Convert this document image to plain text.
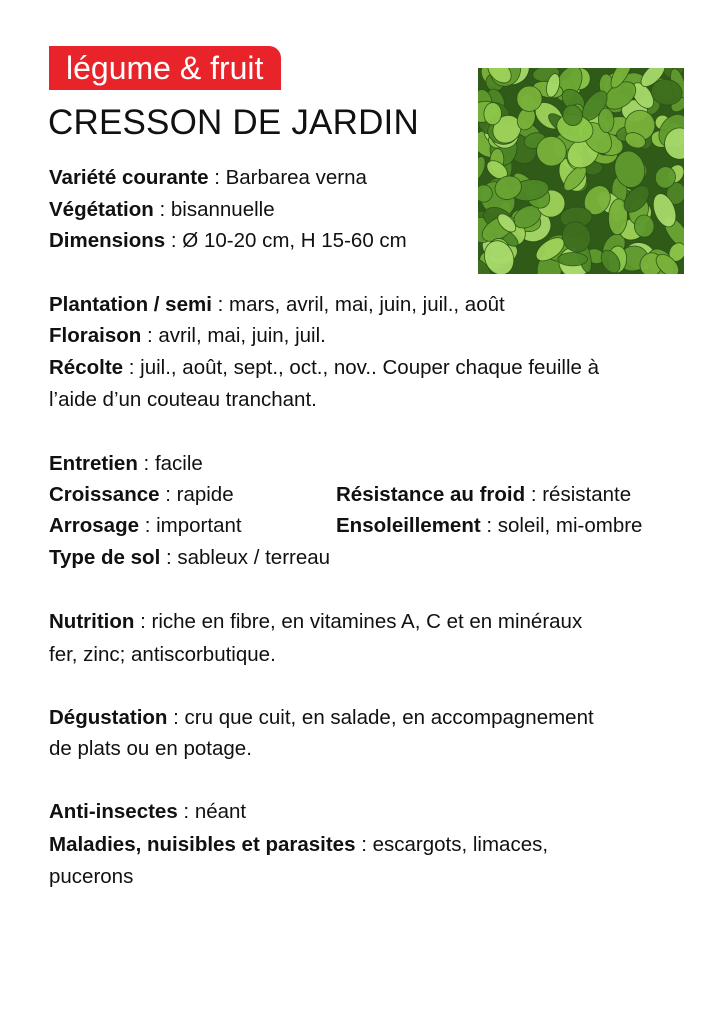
légume & fruit
CRESSON DE JARDIN
Variété courante : Barbarea verna
Végétation : bisannuelle
Dimensions : Ø 10-20 cm, H 15-60 cm
Plantation / semi : mars, avril, mai, juin, juil., août
Floraison : avril, mai, juin, juil.
Récolte : juil., août, sept., oct., nov.. Couper chaque feuille à
l’aide d’un couteau tranchant.
Entretien : facile
Croissance : rapide	Résistance au froid : résistante
Arrosage : important	Ensoleillement : soleil, mi-ombre
Type de sol : sableux / terreau
Nutrition : riche en fibre, en vitamines A, C et en minéraux
fer, zinc; antiscorbutique.
Dégustation : cru que cuit, en salade, en accompagnement
de plats ou en potage.
Anti-insectes : néant
Maladies, nuisibles et parasites : escargots, limaces,
pucerons
